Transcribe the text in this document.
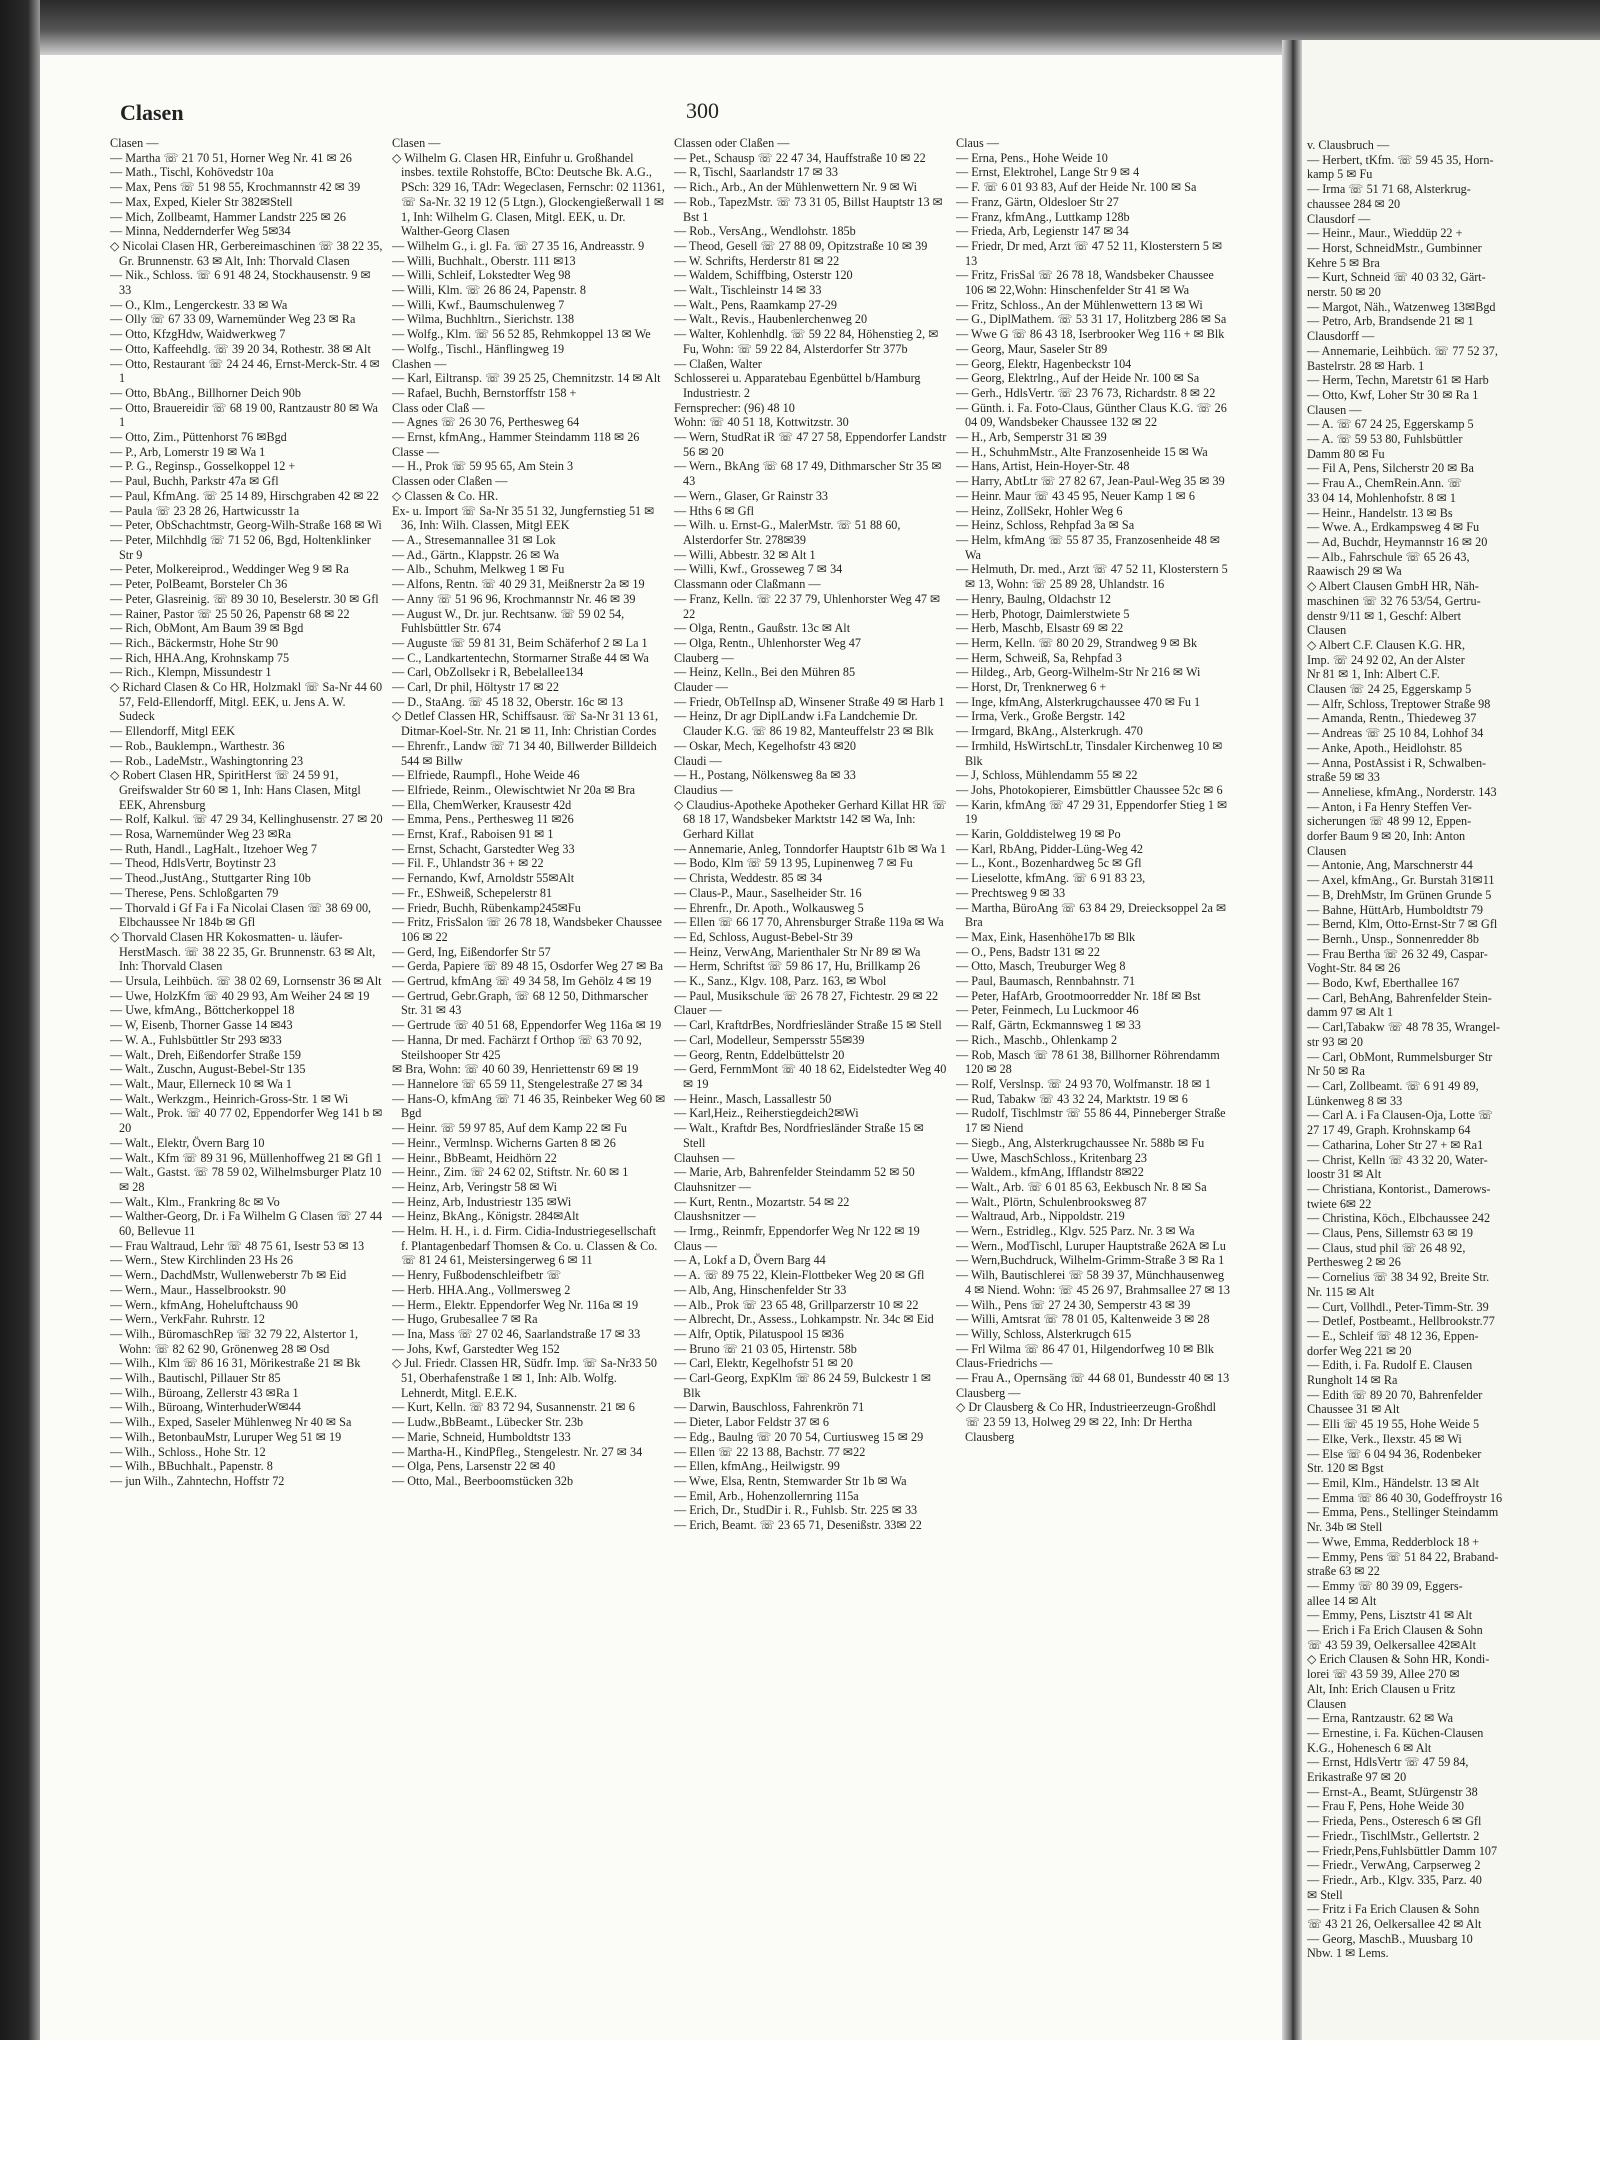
Clasen	300

Clasen —

— Martha ☏ 21 70 51, Horner Weg Nr. 41 ✉ 26

— Math., Tischl, Kohövedstr 10a

— Max, Pens ☏ 51 98 55, Krochmannstr 42 ✉ 39

— Max, Exped, Kieler Str 382✉Stell

— Mich, Zollbeamt, Hammer Landstr 225 ✉ 26

— Minna, Neddernderfer Weg 5✉34

◇ Nicolai Clasen HR, Gerbereimaschinen ☏ 38 22 35, Gr. Brunnenstr. 63 ✉ Alt, Inh: Thorvald Clasen

— Nik., Schloss. ☏ 6 91 48 24, Stockhausenstr. 9 ✉ 33

— O., Klm., Lengerckestr. 33 ✉ Wa

— Olly ☏ 67 33 09, Warnemünder Weg 23 ✉ Ra

— Otto, KfzgHdw, Waidwerkweg 7

— Otto, Kaffeehdlg. ☏ 39 20 34, Rothestr. 38 ✉ Alt

— Otto, Restaurant ☏ 24 24 46, Ernst-Merck-Str. 4 ✉1

— Otto, BbAng., Billhorner Deich 90b

— Otto, Brauereidir ☏ 68 19 00, Rantzaustr 80 ✉ Wa 1

— Otto, Zim., Püttenhorst 76 ✉Bgd

— P., Arb, Lomerstr 19 ✉ Wa 1

— P. G., Reginsp., Gosselkoppel 12 +

— Paul, Buchh, Parkstr 47a ✉ Gfl

— Paul, KfmAng. ☏ 25 14 89, Hirschgraben 42 ✉ 22

— Paula ☏ 23 28 26, Hartwicusstr 1a

— Peter, ObSchachtmstr, Georg-Wilh-Straße 168 ✉ Wi

— Peter, Milchhdlg ☏ 71 52 06, Bgd, Holtenklinker Str 9

— Peter, Molkereiprod., Weddinger Weg 9 ✉ Ra

— Peter, PolBeamt, Borsteler Ch 36

— Peter, Glasreinig. ☏ 89 30 10, Beselerstr. 30 ✉ Gfl

— Rainer, Pastor ☏ 25 50 26, Papenstr 68 ✉ 22

— Rich, ObMont, Am Baum 39 ✉ Bgd

— Rich., Bäckermstr, Hohe Str 90

— Rich, HHA.Ang, Krohnskamp 75

— Rich., Klempn, Missundestr 1

◇ Richard Clasen & Co HR, Holzmakl ☏ Sa-Nr 44 60 57, Feld-Ellendorff, Mitgl. EEK, u. Jens A. W. Sudeck

— Ellendorff, Mitgl EEK

— Rob., Bauklempn., Warthestr. 36

— Rob., LadeMstr., Washingtonring 23

◇ Robert Clasen HR, SpiritHerst ☏ 24 59 91, Greifswalder Str 60 ✉ 1, Inh: Hans Clasen, Mitgl EEK, Ahrensburg

— Rolf, Kalkul. ☏ 47 29 34, Kellinghusenstr. 27 ✉ 20

— Rosa, Warnemünder Weg 23 ✉Ra

— Ruth, Handl., LagHalt., Itzehoer Weg 7

— Theod, HdlsVertr, Boytinstr 23

— Theod.,JustAng., Stuttgarter Ring 10b

— Therese, Pens. Schloßgarten 79

— Thorvald i Gf Fa i Fa Nicolai Clasen ☏ 38 69 00, Elbchaussee Nr 184b ✉ Gfl

◇ Thorvald Clasen HR Kokosmatten- u. läufer-HerstMasch. ☏ 38 22 35, Gr. Brunnenstr. 63 ✉ Alt, Inh: Thorvald Clasen

— Ursula, Leihbüch. ☏ 38 02 69, Lornsenstr 36 ✉ Alt

— Uwe, HolzKfm ☏ 40 29 93, Am Weiher 24 ✉ 19

— Uwe, kfmAng., Böttcherkoppel 18

— W, Eisenb, Thorner Gasse 14 ✉43

— W. A., Fuhlsbüttler Str 293 ✉33

— Walt., Dreh, Eißendorfer Straße 159

— Walt., Zuschn, August-Bebel-Str 135

— Walt., Maur, Ellerneck 10 ✉ Wa 1

— Walt., Werkzgm., Heinrich-Gross-Str. 1 ✉ Wi

— Walt., Prok. ☏ 40 77 02, Eppendorfer Weg 141 b ✉ 20

— Walt., Elektr, Övern Barg 10

— Walt., Kfm ☏ 89 31 96, Müllenhoffweg 21 ✉ Gfl 1

— Walt., Gastst. ☏ 78 59 02, Wilhelmsburger Platz 10 ✉ 28

— Walt., Klm., Frankring 8c ✉ Vo

— Walther-Georg, Dr. i Fa Wilhelm G Clasen ☏ 27 44 60, Bellevue 11

— Frau Waltraud, Lehr ☏ 48 75 61, Isestr 53 ✉ 13

— Wern., Stew Kirchlinden 23 Hs 26

— Wern., DachdMstr, Wullenweberstr 7b ✉ Eid

— Wern., Maur., Hasselbrookstr. 90

— Wern., kfmAng, Hoheluftchauss 90

— Wern., VerkFahr. Ruhrstr. 12

— Wilh., BüromaschRep ☏ 32 79 22, Alstertor 1, Wohn: ☏ 82 62 90, Grönenweg 28 ✉ Osd

— Wilh., Klm ☏ 86 16 31, Mörikestraße 21 ✉ Bk

— Wilh., Bautischl, Pillauer Str 85

— Wilh., Büroang, Zellerstr 43 ✉Ra 1

— Wilh., Büroang, WinterhuderW✉44

— Wilh., Exped, Saseler Mühlenweg Nr 40 ✉ Sa

— Wilh., BetonbauMstr, Luruper Weg 51 ✉ 19

— Wilh., Schloss., Hohe Str. 12

— Wilh., BBuchhalt., Papenstr. 8

— jun Wilh., Zahntechn, Hoffstr 72

Clasen —

◇ Wilhelm G. Clasen HR, Einfuhr u. Großhandel insbes. textile Rohstoffe, BCto: Deutsche Bk. A.G., PSch: 329 16, TAdr: Wegeclasen, Fernschr: 02 11361, ☏ Sa-Nr. 32 19 12 (5 Ltgn.), Glockengießerwall 1 ✉ 1, Inh: Wilhelm G. Clasen, Mitgl. EEK, u. Dr. Walther-Georg Clasen

— Wilhelm G., i. gl. Fa. ☏ 27 35 16, Andreasstr. 9

— Willi, Buchhalt., Oberstr. 111 ✉13

— Willi, Schleif, Lokstedter Weg 98

— Willi, Klm. ☏ 26 86 24, Papenstr. 8

— Willi, Kwf., Baumschulenweg 7

— Wilma, Buchhltrn., Sierichstr. 138

— Wolfg., Klm. ☏ 56 52 85, Rehmkoppel 13 ✉ We

— Wolfg., Tischl., Hänflingweg 19

Clashen —

— Karl, Eiltransp. ☏ 39 25 25, Chemnitzstr. 14 ✉ Alt

— Rafael, Buchh, Bernstorffstr 158 +

Class oder Claß —

— Agnes ☏ 26 30 76, Perthesweg 64

— Ernst, kfmAng., Hammer Steindamm 118 ✉ 26

Classe —

— H., Prok ☏ 59 95 65, Am Stein 3

Classen oder Claßen —

◇ Classen & Co. HR.

Ex- u. Import ☏ Sa-Nr 35 51 32, Jungfernstieg 51 ✉ 36, Inh: Wilh. Classen, Mitgl EEK

— A., Stresemannallee 31 ✉ Lok

— Ad., Gärtn., Klappstr. 26 ✉ Wa

— Alb., Schuhm, Melkweg 1 ✉ Fu

— Alfons, Rentn. ☏ 40 29 31, Meißnerstr 2a ✉ 19

— Anny ☏ 51 96 96, Krochmannstr Nr. 46 ✉ 39

— August W., Dr. jur. Rechtsanw. ☏ 59 02 54, Fuhlsbüttler Str. 674

— Auguste ☏ 59 81 31, Beim Schäferhof 2 ✉ La 1

— C., Landkartentechn, Stormarner Straße 44 ✉ Wa

— Carl, ObZollsekr i R, Bebelallee134

— Carl, Dr phil, Höltystr 17 ✉ 22

— D., StaAng. ☏ 45 18 32, Oberstr. 16c ✉ 13

◇ Detlef Classen HR, Schiffsausr. ☏ Sa-Nr 31 13 61, Ditmar-Koel-Str. Nr. 21 ✉ 11, Inh: Christian Cordes

— Ehrenfr., Landw ☏ 71 34 40, Billwerder Billdeich 544 ✉ Billw

— Elfriede, Raumpfl., Hohe Weide 46

— Elfriede, Reinm., Olewischtwiet Nr 20a ✉ Bra

— Ella, ChemWerker, Krausestr 42d

— Emma, Pens., Perthesweg 11 ✉26

— Ernst, Kraf., Raboisen 91 ✉ 1

— Ernst, Schacht, Garstedter Weg 33

— Fil. F., Uhlandstr 36 + ✉ 22

— Fernando, Kwf, Arnoldstr 55✉Alt

— Fr., EShweiß, Schepelerstr 81

— Friedr, Buchh, Rübenkamp245✉Fu

— Fritz, FrisSalon ☏ 26 78 18, Wandsbeker Chaussee 106 ✉ 22

— Gerd, Ing, Eißendorfer Str 57

— Gerda, Papiere ☏ 89 48 15, Osdorfer Weg 27 ✉ Ba

— Gertrud, kfmAng ☏ 49 34 58, Im Gehölz 4 ✉ 19

— Gertrud, Gebr.Graph, ☏ 68 12 50, Dithmarscher Str. 31 ✉ 43

— Gertrude ☏ 40 51 68, Eppendorfer Weg 116a ✉ 19

— Hanna, Dr med. Fachärzt f Orthop ☏ 63 70 92, Steilshooper Str 425

✉ Bra, Wohn: ☏ 40 60 39, Henriettenstr 69 ✉ 19

— Hannelore ☏ 65 59 11, Stengelestraße 27 ✉ 34

— Hans-O, kfmAng ☏ 71 46 35, Reinbeker Weg 60 ✉ Bgd

— Heinr. ☏ 59 97 85, Auf dem Kamp 22 ✉ Fu

— Heinr., Vermlnsp. Wicherns Garten 8 ✉ 26

— Heinr., BbBeamt, Heidhörn 22

— Heinr., Zim. ☏ 24 62 02, Stiftstr. Nr. 60 ✉ 1

— Heinz, Arb, Veringstr 58 ✉ Wi

— Heinz, Arb, Industriestr 135 ✉Wi

— Heinz, BkAng., Königstr. 284✉Alt

— Helm. H. H., i. d. Firm. Cidia-Industriegesellschaft f. Plantagenbedarf Thomsen & Co. u. Classen & Co. ☏ 81 24 61, Meistersingerweg 6 ✉ 11

— Henry, Fußbodenschleifbetr ☏

— Herb. HHA.Ang., Vollmersweg 2

— Herm., Elektr. Eppendorfer Weg Nr. 116a ✉ 19

— Hugo, Grubesallee 7 ✉ Ra

— Ina, Mass ☏ 27 02 46, Saarlandstraße 17 ✉ 33

— Johs, Kwf, Garstedter Weg 152

◇ Jul. Friedr. Classen HR, Südfr. Imp. ☏ Sa-Nr33 50 51, Oberhafenstraße 1 ✉ 1, Inh: Alb. Wolfg. Lehnerdt, Mitgl. E.E.K.

— Kurt, Kelln. ☏ 83 72 94, Susannenstr. 21 ✉ 6

— Ludw.,BbBeamt., Lübecker Str. 23b

— Marie, Schneid, Humboldtstr 133

— Martha-H., KindPfleg., Stengelestr. Nr. 27 ✉ 34

— Olga, Pens, Larsenstr 22 ✉ 40

— Otto, Mal., Beerboomstücken 32b

Classen oder Claßen —

— Pet., Schausp ☏ 22 47 34, Hauffstraße 10 ✉ 22

— R, Tischl, Saarlandstr 17 ✉ 33

— Rich., Arb., An der Mühlenwettern Nr. 9 ✉ Wi

— Rob., TapezMstr. ☏ 73 31 05, Billst Hauptstr 13 ✉ Bst 1

— Rob., VersAng., Wendlohstr. 185b

— Theod, Gesell ☏ 27 88 09, Opitzstraße 10 ✉ 39

— W. Schrifts, Herderstr 81 ✉ 22

— Waldem, Schiffbing, Osterstr 120

— Walt., Tischleinstr 14 ✉ 33

— Walt., Pens, Raamkamp 27-29

— Walt., Revis., Haubenlerchenweg 20

— Walter, Kohlenhdlg. ☏ 59 22 84, Höhenstieg 2, ✉ Fu, Wohn: ☏ 59 22 84, Alsterdorfer Str 377b

— Claßen, Walter

Schlosserei u. Apparatebau Egenbüttel b/Hamburg Industriestr. 2

Fernsprecher: (96) 48 10

Wohn: ☏ 40 51 18, Kottwitzstr. 30

— Wern, StudRat iR ☏ 47 27 58, Eppendorfer Landstr 56 ✉ 20

— Wern., BkAng ☏ 68 17 49, Dithmarscher Str 35 ✉ 43

— Wern., Glaser, Gr Rainstr 33

— Hths 6 ✉ Gfl

— Wilh. u. Ernst-G., MalerMstr. ☏ 51 88 60, Alsterdorfer Str. 278✉39

— Willi, Abbestr. 32 ✉ Alt 1

— Willi, Kwf., Grosseweg 7 ✉ 34

Classmann oder Claßmann —

— Franz, Kelln. ☏ 22 37 79, Uhlenhorster Weg 47 ✉ 22

— Olga, Rentn., Gaußstr. 13c ✉ Alt

— Olga, Rentn., Uhlenhorster Weg 47

Clauberg —

— Heinz, Kelln., Bei den Mühren 85

Clauder —

— Friedr, ObTelInsp aD, Winsener Straße 49 ✉ Harb 1

— Heinz, Dr agr DiplLandw i.Fa Landchemie Dr. Clauder K.G. ☏ 86 19 82, Manteuffelstr 23 ✉ Blk

— Oskar, Mech, Kegelhofstr 43 ✉20

Claudi —

— H., Postang, Nölkensweg 8a ✉ 33

Claudius —

◇ Claudius-Apotheke Apotheker Gerhard Killat HR ☏ 68 18 17, Wandsbeker Marktstr 142 ✉ Wa, Inh: Gerhard Killat

— Annemarie, Anleg, Tonndorfer Hauptstr 61b ✉ Wa 1

— Bodo, Klm ☏ 59 13 95, Lupinenweg 7 ✉ Fu

— Christa, Weddestr. 85 ✉ 34

— Claus-P., Maur., Saselheider Str. 16

— Ehrenfr., Dr. Apoth., Wolkausweg 5

— Ellen ☏ 66 17 70, Ahrensburger Straße 119a ✉ Wa

— Ed, Schloss, August-Bebel-Str 39

— Heinz, VerwAng, Marienthaler Str Nr 89 ✉ Wa

— Herm, Schriftst ☏ 59 86 17, Hu, Brillkamp 26

— K., Sanz., Klgv. 108, Parz. 163, ✉ Wbol

— Paul, Musikschule ☏ 26 78 27, Fichtestr. 29 ✉ 22

Clauer —

— Carl, KraftdrBes, Nordfriesländer Straße 15 ✉ Stell

— Carl, Modelleur, Sempersstr 55✉39

— Georg, Rentn, Eddelbüttelstr 20

— Gerd, FernmMont ☏ 40 18 62, Eidelstedter Weg 40 ✉ 19

— Heinr., Masch, Lassallestr 50

— Karl,Heiz., Reiherstiegdeich2✉Wi

— Walt., Kraftdr Bes, Nordfriesländer Straße 15 ✉ Stell

Clauhsen —

— Marie, Arb, Bahrenfelder Steindamm 52 ✉ 50

Clauhsnitzer —

— Kurt, Rentn., Mozartstr. 54 ✉ 22

Claushsnitzer —

— Irmg., Reinmfr, Eppendorfer Weg Nr 122 ✉ 19

Claus —

— A, Lokf a D, Övern Barg 44

— A. ☏ 89 75 22, Klein-Flottbeker Weg 20 ✉ Gfl

— Alb, Ang, Hinschenfelder Str 33

— Alb., Prok ☏ 23 65 48, Grillparzerstr 10 ✉ 22

— Albrecht, Dr., Assess., Lohkampstr. Nr. 34c ✉ Eid

— Alfr, Optik, Pilatuspool 15 ✉36

— Bruno ☏ 21 03 05, Hirtenstr. 58b

— Carl, Elektr, Kegelhofstr 51 ✉ 20

— Carl-Georg, ExpKlm ☏ 86 24 59, Bulckestr 1 ✉ Blk

— Darwin, Bauschloss, Fahrenkrön 71

— Dieter, Labor Feldstr 37 ✉ 6

— Edg., Baulng ☏ 20 70 54, Curtiusweg 15 ✉ 29

— Ellen ☏ 22 13 88, Bachstr. 77 ✉22

— Ellen, kfmAng., Heilwigstr. 99

— Wwe, Elsa, Rentn, Stemwarder Str 1b ✉ Wa

— Emil, Arb., Hohenzollernring 115a

— Erich, Dr., StudDir i. R., Fuhlsb. Str. 225 ✉ 33

— Erich, Beamt. ☏ 23 65 71, Desenißstr. 33✉ 22

Claus —

— Erna, Pens., Hohe Weide 10

— Ernst, Elektrohel, Lange Str 9 ✉ 4

— F. ☏ 6 01 93 83, Auf der Heide Nr. 100 ✉ Sa

— Franz, Gärtn, Oldesloer Str 27

— Franz, kfmAng., Luttkamp 128b

— Frieda, Arb, Legienstr 147 ✉ 34

— Friedr, Dr med, Arzt ☏ 47 52 11, Klosterstern 5 ✉ 13

— Fritz, FrisSal ☏ 26 78 18, Wandsbeker Chaussee 106 ✉ 22,Wohn: Hinschenfelder Str 41 ✉ Wa

— Fritz, Schloss., An der Mühlenwettern 13 ✉ Wi

— G., DiplMathem. ☏ 53 31 17, Holitzberg 286 ✉ Sa

— Wwe G ☏ 86 43 18, Iserbrooker Weg 116 + ✉ Blk

— Georg, Maur, Saseler Str 89

— Georg, Elektr, Hagenbeckstr 104

— Georg, Elektrlng., Auf der Heide Nr. 100 ✉ Sa

— Gerh., HdlsVertr. ☏ 23 76 73, Richardstr. 8 ✉ 22

— Günth. i. Fa. Foto-Claus, Günther Claus K.G. ☏ 26 04 09, Wandsbeker Chaussee 132 ✉ 22

— H., Arb, Semperstr 31 ✉ 39

— H., SchuhmMstr., Alte Franzosenheide 15 ✉ Wa

— Hans, Artist, Hein-Hoyer-Str. 48

— Harry, AbtLtr ☏ 27 82 67, Jean-Paul-Weg 35 ✉ 39

— Heinr. Maur ☏ 43 45 95, Neuer Kamp 1 ✉ 6

— Heinz, ZollSekr, Hohler Weg 6

— Heinz, Schloss, Rehpfad 3a ✉ Sa

— Helm, kfmAng ☏ 55 87 35, Franzosenheide 48 ✉ Wa

— Helmuth, Dr. med., Arzt ☏ 47 52 11, Klosterstern 5 ✉ 13, Wohn: ☏ 25 89 28, Uhlandstr. 16

— Henry, Baulng, Oldachstr 12

— Herb, Photogr, Daimlerstwiete 5

— Herb, Maschb, Elsastr 69 ✉ 22

— Herm, Kelln. ☏ 80 20 29, Strandweg 9 ✉ Bk

— Herm, Schweiß, Sa, Rehpfad 3

— Hildeg., Arb, Georg-Wilhelm-Str Nr 216 ✉ Wi

— Horst, Dr, Trenknerweg 6 +

— Inge, kfmAng, Alsterkrugchaussee 470 ✉ Fu 1

— Irma, Verk., Große Bergstr. 142

— Irmgard, BkAng., Alsterkrugh. 470

— Irmhild, HsWirtschLtr, Tinsdaler Kirchenweg 10 ✉ Blk

— J, Schloss, Mühlendamm 55 ✉ 22

— Johs, Photokopierer, Eimsbüttler Chaussee 52c ✉ 6

— Karin, kfmAng ☏ 47 29 31, Eppendorfer Stieg 1 ✉ 19

— Karin, Golddistelweg 19 ✉ Po

— Karl, RbAng, Pidder-Lüng-Weg 42

— L., Kont., Bozenhardweg 5c ✉ Gfl

— Lieselotte, kfmAng. ☏ 6 91 83 23,

— Prechtsweg 9 ✉ 33

— Martha, BüroAng ☏ 63 84 29, Dreiecksoppel 2a ✉ Bra

— Max, Eink, Hasenhöhe17b ✉ Blk

— O., Pens, Badstr 131 ✉ 22

— Otto, Masch, Treuburger Weg 8

— Paul, Baumasch, Rennbahnstr. 71

— Peter, HafArb, Grootmoorredder Nr. 18f ✉ Bst

— Peter, Feinmech, Lu Luckmoor 46

— Ralf, Gärtn, Eckmannsweg 1 ✉ 33

— Rich., Maschb., Ohlenkamp 2

— Rob, Masch ☏ 78 61 38, Billhorner Röhrendamm 120 ✉ 28

— Rolf, Verslnsp. ☏ 24 93 70, Wolfmanstr. 18 ✉ 1

— Rud, Tabakw ☏ 43 32 24, Marktstr. 19 ✉ 6

— Rudolf, Tischlmstr ☏ 55 86 44, Pinneberger Straße 17 ✉ Niend

— Siegb., Ang, Alsterkrugchaussee Nr. 588b ✉ Fu

— Uwe, MaschSchloss., Kritenbarg 23

— Waldem., kfmAng, Ifflandstr 8✉22

— Walt., Arb. ☏ 6 01 85 63, Eekbusch Nr. 8 ✉ Sa

— Walt., Plörtn, Schulenbrooksweg 87

— Waltraud, Arb., Nippoldstr. 219

— Wern., Estridleg., Klgv. 525 Parz. Nr. 3 ✉ Wa

— Wern., ModTischl, Luruper Hauptstraße 262A ✉ Lu

— Wern,Buchdruck, Wilhelm-Grimm-Straße 3 ✉ Ra 1

— Wilh, Bautischlerei ☏ 58 39 37, Münchhausenweg 4 ✉ Niend. Wohn: ☏ 45 26 97, Brahmsallee 27 ✉ 13

— Wilh., Pens ☏ 27 24 30, Semperstr 43 ✉ 39

— Willi, Amtsrat ☏ 78 01 05, Kaltenweide 3 ✉ 28

— Willy, Schloss, Alsterkrugch 615

— Frl Wilma ☏ 86 47 01, Hilgendorfweg 10 ✉ Blk

Claus-Friedrichs —

— Frau A., Opernsäng ☏ 44 68 01, Bundesstr 40 ✉ 13

Clausberg —

◇ Dr Clausberg & Co HR, Industrieerzeugn-Großhdl ☏ 23 59 13, Holweg 29 ✉ 22, Inh: Dr Hertha Clausberg

v. Clausbruch —

— Herbert, tKfm. ☏ 59 45 35, Horn-

kamp 5 ✉ Fu

— Irma ☏ 51 71 68, Alsterkrug-

chaussee 284 ✉ 20

Clausdorf —

— Heinr., Maur., Wieddüp 22 +

— Horst, SchneidMstr., Gumbinner

Kehre 5 ✉ Bra

— Kurt, Schneid ☏ 40 03 32, Gärt-

nerstr. 50 ✉ 20

— Margot, Näh., Watzenweg 13✉Bgd

— Petro, Arb, Brandsende 21 ✉ 1

Clausdorff —

— Annemarie, Leihbüch. ☏ 77 52 37,

Bastelrstr. 28 ✉ Harb. 1

— Herm, Techn, Maretstr 61 ✉ Harb

— Otto, Kwf, Loher Str 30 ✉ Ra 1

Clausen —

— A. ☏ 67 24 25, Eggerskamp 5

— A. ☏ 59 53 80, Fuhlsbüttler

Damm 80 ✉ Fu

— Fil A, Pens, Silcherstr 20 ✉ Ba

— Frau A., ChemRein.Ann. ☏

33 04 14, Mohlenhofstr. 8 ✉ 1

— Heinr., Handelstr. 13 ✉ Bs

— Wwe. A., Erdkampsweg 4 ✉ Fu

— Ad, Buchdr, Heymannstr 16 ✉ 20

— Alb., Fahrschule ☏ 65 26 43,

Raawisch 29 ✉ Wa

◇ Albert Clausen GmbH HR, Näh-

maschinen ☏ 32 76 53/54, Gertru-

denstr 9/11 ✉ 1, Geschf: Albert

Clausen

◇ Albert C.F. Clausen K.G. HR,

Imp. ☏ 24 92 02, An der Alster

Nr 81 ✉ 1, Inh: Albert C.F.

Clausen ☏ 24 25, Eggerskamp 5

— Alfr, Schloss, Treptower Straße 98

— Amanda, Rentn., Thiedeweg 37

— Andreas ☏ 25 10 84, Lohhof 34

— Anke, Apoth., Heidlohstr. 85

— Anna, PostAssist i R, Schwalben-

straße 59 ✉ 33

— Anneliese, kfmAng., Norderstr. 143

— Anton, i Fa Henry Steffen Ver-

sicherungen ☏ 48 99 12, Eppen-

dorfer Baum 9 ✉ 20, Inh: Anton

Clausen

— Antonie, Ang, Marschnerstr 44

— Axel, kfmAng., Gr. Burstah 31✉11

— B, DrehMstr, Im Grünen Grunde 5

— Bahne, HüttArb, Humboldtstr 79

— Bernd, Klm, Otto-Ernst-Str 7 ✉ Gfl

— Bernh., Unsp., Sonnenredder 8b

— Frau Bertha ☏ 26 32 49, Caspar-

Voght-Str. 84 ✉ 26

— Bodo, Kwf, Eberthallee 167

— Carl, BehAng, Bahrenfelder Stein-

damm 97 ✉ Alt 1

— Carl,Tabakw ☏ 48 78 35, Wrangel-

str 93 ✉ 20

— Carl, ObMont, Rummelsburger Str

Nr 50 ✉ Ra

— Carl, Zollbeamt. ☏ 6 91 49 89,

Lünkenweg 8 ✉ 33

— Carl A. i Fa Clausen-Oja, Lotte ☏

27 17 49, Graph. Krohnskamp 64

— Catharina, Loher Str 27 + ✉ Ra1

— Christ, Kelln ☏ 43 32 20, Water-

loostr 31 ✉ Alt

— Christiana, Kontorist., Damerows-

twiete 6✉ 22

— Christina, Köch., Elbchaussee 242

— Claus, Pens, Sillemstr 63 ✉ 19

— Claus, stud phil ☏ 26 48 92,

Perthesweg 2 ✉ 26

— Cornelius ☏ 38 34 92, Breite Str.

Nr. 115 ✉ Alt

— Curt, Vollhdl., Peter-Timm-Str. 39

— Detlef, Postbeamt., Hellbrookstr.77

— E., Schleif ☏ 48 12 36, Eppen-

dorfer Weg 221 ✉ 20

— Edith, i. Fa. Rudolf E. Clausen

Rungholt 14 ✉ Ra

— Edith ☏ 89 20 70, Bahrenfelder

Chaussee 31 ✉ Alt

— Elli ☏ 45 19 55, Hohe Weide 5

— Elke, Verk., Ilexstr. 45 ✉ Wi

— Else ☏ 6 04 94 36, Rodenbeker

Str. 120 ✉ Bgst

— Emil, Klm., Händelstr. 13 ✉ Alt

— Emma ☏ 86 40 30, Godeffroystr 16

— Emma, Pens., Stellinger Steindamm

Nr. 34b ✉ Stell

— Wwe, Emma, Redderblock 18 +

— Emmy, Pens ☏ 51 84 22, Braband-

straße 63 ✉ 22

— Emmy ☏ 80 39 09, Eggers-

allee 14 ✉ Alt

— Emmy, Pens, Lisztstr 41 ✉ Alt

— Erich i Fa Erich Clausen & Sohn

☏ 43 59 39, Oelkersallee 42✉Alt

◇ Erich Clausen & Sohn HR, Kondi-

lorei ☏ 43 59 39, Allee 270 ✉

Alt, Inh: Erich Clausen u Fritz

Clausen

— Erna, Rantzaustr. 62 ✉ Wa

— Ernestine, i. Fa. Küchen-Clausen

K.G., Hohenesch 6 ✉ Alt

— Ernst, HdlsVertr ☏ 47 59 84,

Erikastraße 97 ✉ 20

— Ernst-A., Beamt, StJürgenstr 38

— Frau F, Pens, Hohe Weide 30

— Frieda, Pens., Osteresch 6 ✉ Gfl

— Friedr., TischlMstr., Gellertstr. 2

— Friedr,Pens,Fuhlsbüttler Damm 107

— Friedr., VerwAng, Carpserweg 2

— Friedr., Arb., Klgv. 335, Parz. 40

✉ Stell

— Fritz i Fa Erich Clausen & Sohn

☏ 43 21 26, Oelkersallee 42 ✉ Alt

— Georg, MaschB., Muusbarg 10

Nbw. 1 ✉ Lems.
